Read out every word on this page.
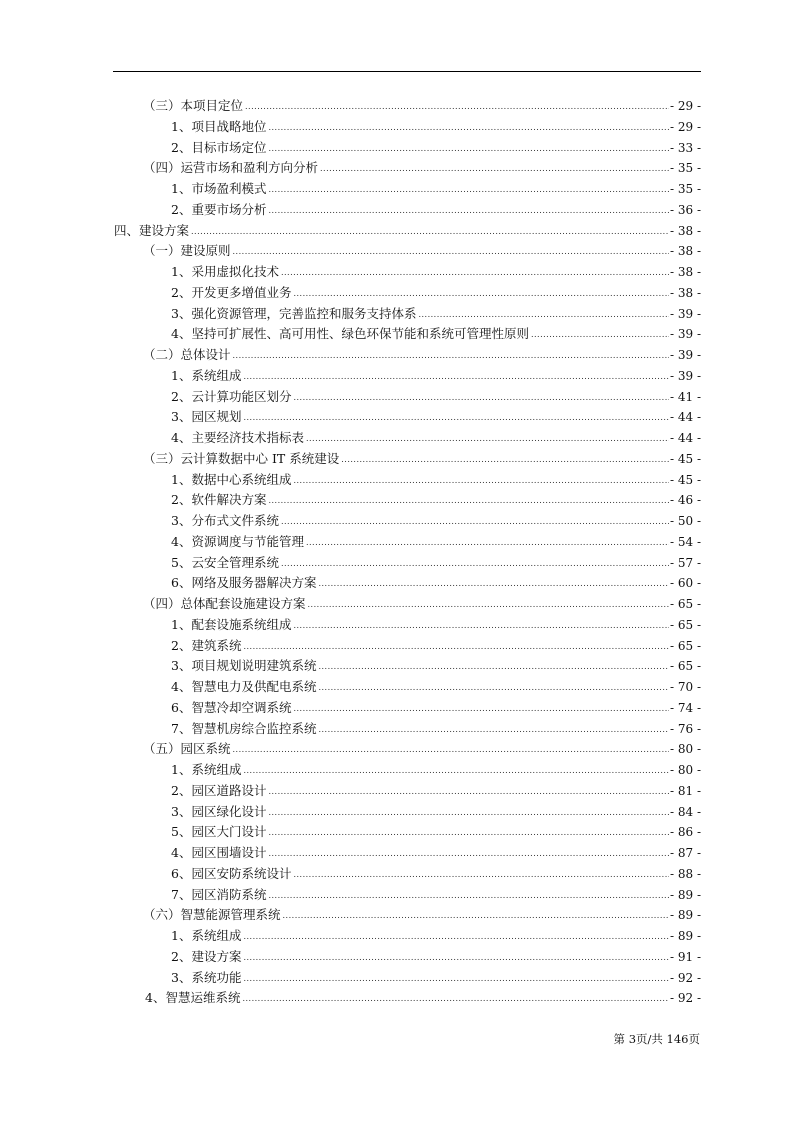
（三）本项目定位 .....	- 29 -
1、项目战略地位 .....	- 29 -
2、目标市场定位 .....	- 33 -
（四）运营市场和盈利方向分析 .....	- 35 -
1、市场盈利模式 .....	- 35 -
2、重要市场分析 .....	- 36 -
四、建设方案 .....	- 38 -
（一）建设原则 .....	- 38 -
1、采用虚拟化技术 .....	- 38 -
2、开发更多增值业务 .....	- 38 -
3、强化资源管理，完善监控和服务支持体系 .....	- 39 -
4、坚持可扩展性、高可用性、绿色环保节能和系统可管理性原则 .....	- 39 -
（二）总体设计 .....	- 39 -
1、系统组成 .....	- 39 -
2、云计算功能区划分 .....	- 41 -
3、园区规划 .....	- 44 -
4、主要经济技术指标表 .....	- 44 -
（三）云计算数据中心 IT 系统建设 .....	- 45 -
1、数据中心系统组成 .....	- 45 -
2、软件解决方案 .....	- 46 -
3、分布式文件系统 .....	- 50 -
4、资源调度与节能管理 .....	- 54 -
5、云安全管理系统 .....	- 57 -
6、网络及服务器解决方案 .....	- 60 -
（四）总体配套设施建设方案 .....	- 65 -
1、配套设施系统组成 .....	- 65 -
2、建筑系统 .....	- 65 -
3、项目规划说明建筑系统 .....	- 65 -
4、智慧电力及供配电系统 .....	- 70 -
6、智慧冷却空调系统 .....	- 74 -
7、智慧机房综合监控系统 .....	- 76 -
（五）园区系统 .....	- 80 -
1、系统组成 .....	- 80 -
2、园区道路设计 .....	- 81 -
3、园区绿化设计 .....	- 84 -
5、园区大门设计 .....	- 86 -
4、园区围墙设计 .....	- 87 -
6、园区安防系统设计 .....	- 88 -
7、园区消防系统 .....	- 89 -
（六）智慧能源管理系统 .....	- 89 -
1、系统组成 .....	- 89 -
2、建设方案 .....	- 91 -
3、系统功能 .....	- 92 -
4、智慧运维系统 .....	- 92 -
第 3页/共 146页
